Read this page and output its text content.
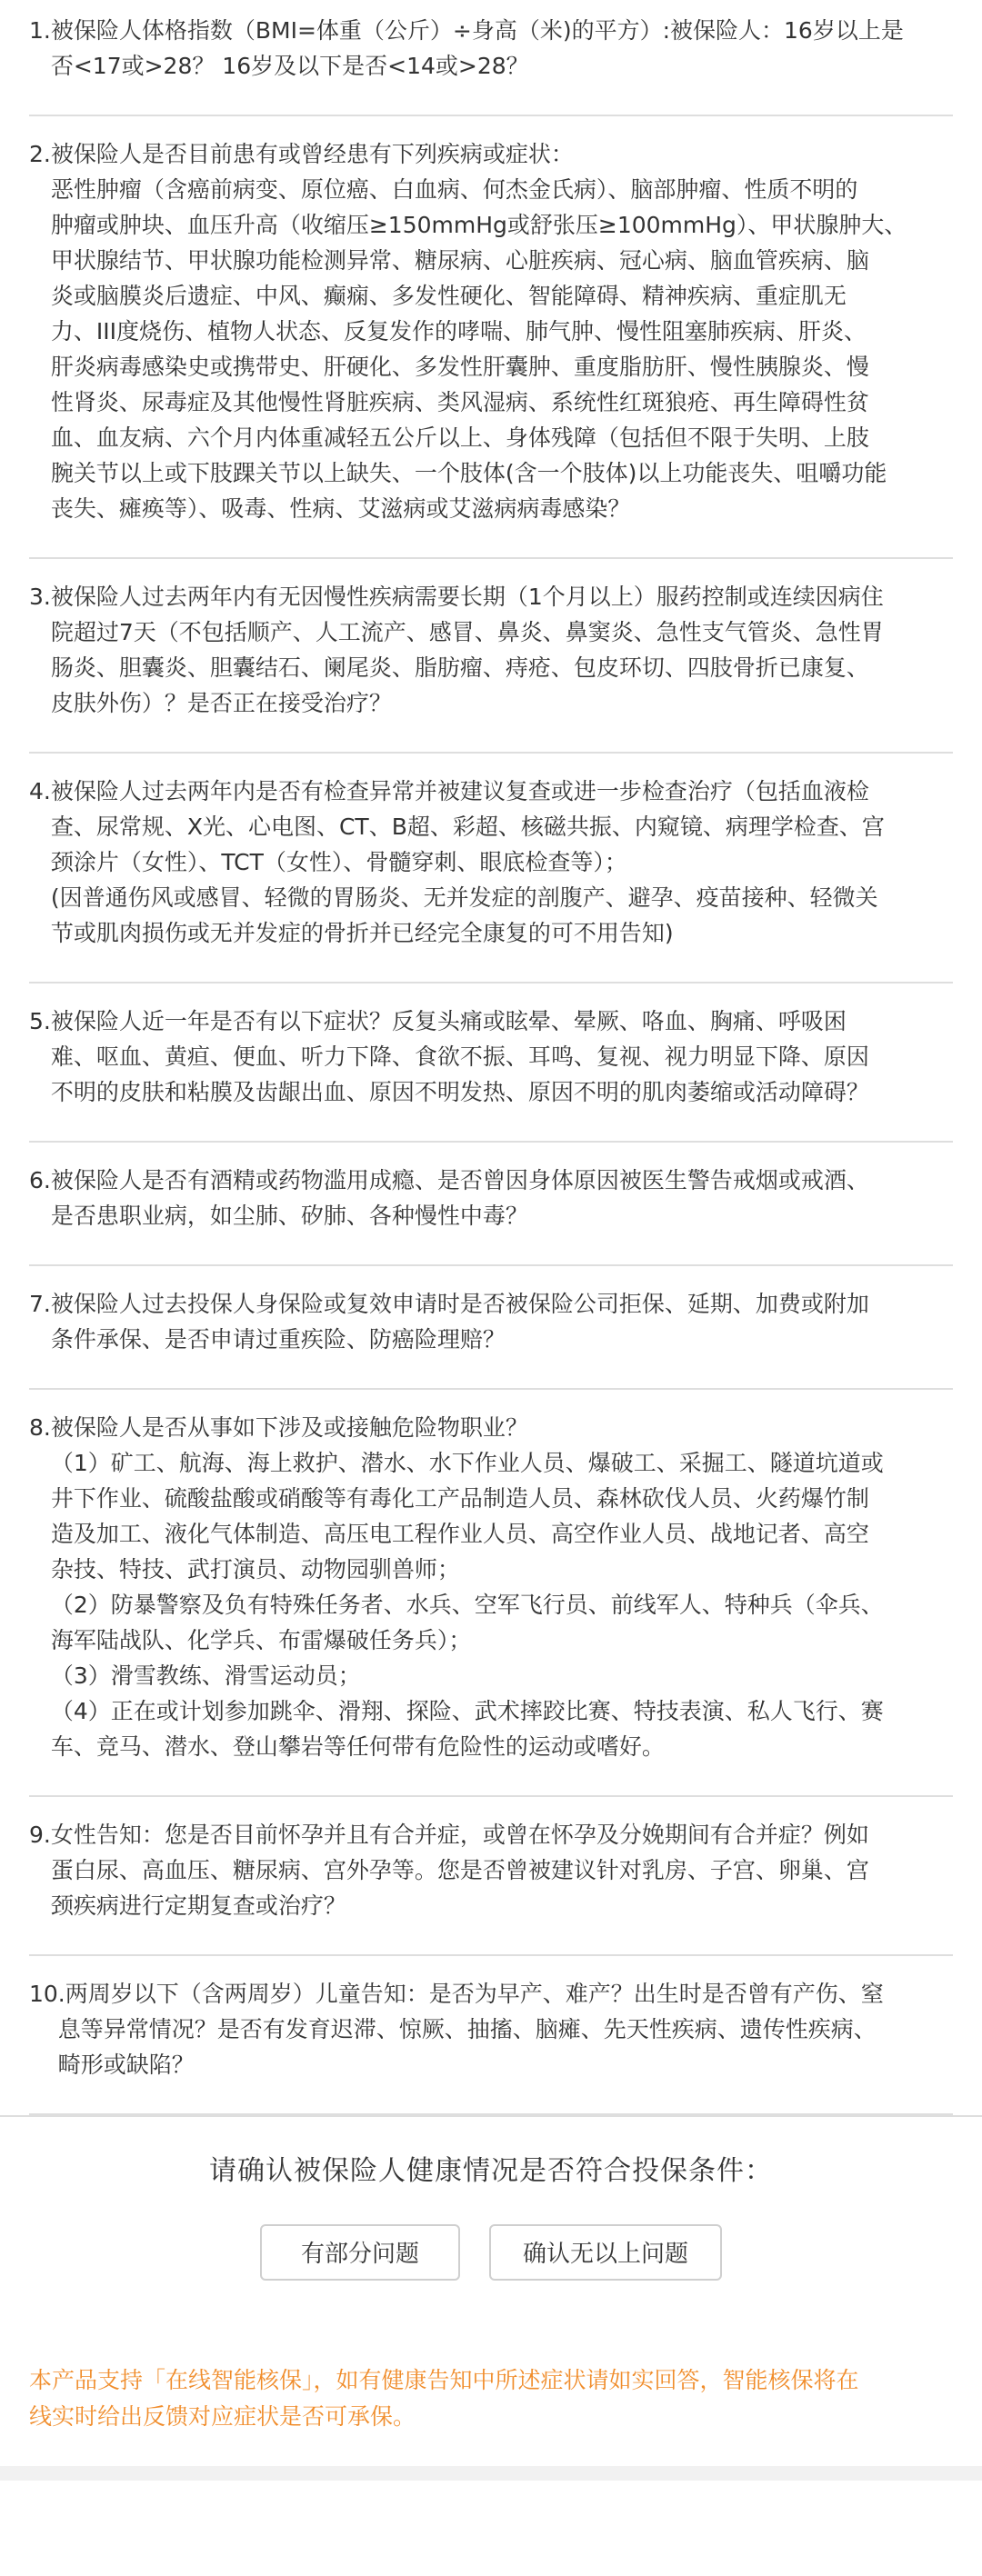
1.被保险人体格指数（BMI=体重（公斤）÷身高（米)的平方）:被保险人：16岁以上是
否<17或>28？ 16岁及以下是否<14或>28？
2.被保险人是否目前患有或曾经患有下列疾病或症状：
恶性肿瘤（含癌前病变、原位癌、白血病、何杰金氏病）、脑部肿瘤、性质不明的
肿瘤或肿块、血压升高（收缩压≥150mmHg或舒张压≥100mmHg）、甲状腺肿大、
甲状腺结节、甲状腺功能检测异常、糖尿病、心脏疾病、冠心病、脑血管疾病、脑
炎或脑膜炎后遗症、中风、癫痫、多发性硬化、智能障碍、精神疾病、重症肌无
力、III度烧伤、植物人状态、反复发作的哮喘、肺气肿、慢性阻塞肺疾病、肝炎、
肝炎病毒感染史或携带史、肝硬化、多发性肝囊肿、重度脂肪肝、慢性胰腺炎、慢
性肾炎、尿毒症及其他慢性肾脏疾病、类风湿病、系统性红斑狼疮、再生障碍性贫
血、血友病、六个月内体重减轻五公斤以上、身体残障（包括但不限于失明、上肢
腕关节以上或下肢踝关节以上缺失、一个肢体(含一个肢体)以上功能丧失、咀嚼功能
丧失、瘫痪等）、吸毒、性病、艾滋病或艾滋病病毒感染？
3.被保险人过去两年内有无因慢性疾病需要长期（1个月以上）服药控制或连续因病住
院超过7天（不包括顺产、人工流产、感冒、鼻炎、鼻窦炎、急性支气管炎、急性胃
肠炎、胆囊炎、胆囊结石、阑尾炎、脂肪瘤、痔疮、包皮环切、四肢骨折已康复、
皮肤外伤）？是否正在接受治疗？
4.被保险人过去两年内是否有检查异常并被建议复查或进一步检查治疗（包括血液检
查、尿常规、X光、心电图、CT、B超、彩超、核磁共振、内窥镜、病理学检查、宫
颈涂片（女性）、TCT（女性）、骨髓穿刺、眼底检查等）；
(因普通伤风或感冒、轻微的胃肠炎、无并发症的剖腹产、避孕、疫苗接种、轻微关
节或肌肉损伤或无并发症的骨折并已经完全康复的可不用告知)
5.被保险人近一年是否有以下症状？反复头痛或眩晕、晕厥、咯血、胸痛、呼吸困
难、呕血、黄疸、便血、听力下降、食欲不振、耳鸣、复视、视力明显下降、原因
不明的皮肤和粘膜及齿龈出血、原因不明发热、原因不明的肌肉萎缩或活动障碍？
6.被保险人是否有酒精或药物滥用成瘾、是否曾因身体原因被医生警告戒烟或戒酒、
是否患职业病，如尘肺、矽肺、各种慢性中毒？
7.被保险人过去投保人身保险或复效申请时是否被保险公司拒保、延期、加费或附加
条件承保、是否申请过重疾险、防癌险理赔？
8.被保险人是否从事如下涉及或接触危险物职业？
（1）矿工、航海、海上救护、潜水、水下作业人员、爆破工、采掘工、隧道坑道或
井下作业、硫酸盐酸或硝酸等有毒化工产品制造人员、森林砍伐人员、火药爆竹制
造及加工、液化气体制造、高压电工程作业人员、高空作业人员、战地记者、高空
杂技、特技、武打演员、动物园驯兽师；
（2）防暴警察及负有特殊任务者、水兵、空军飞行员、前线军人、特种兵（伞兵、
海军陆战队、化学兵、布雷爆破任务兵）；
（3）滑雪教练、滑雪运动员；
（4）正在或计划参加跳伞、滑翔、探险、武术摔跤比赛、特技表演、私人飞行、赛
车、竞马、潜水、登山攀岩等任何带有危险性的运动或嗜好。
9.女性告知：您是否目前怀孕并且有合并症，或曾在怀孕及分娩期间有合并症？例如
蛋白尿、高血压、糖尿病、宫外孕等。您是否曾被建议针对乳房、子宫、卵巢、宫
颈疾病进行定期复查或治疗？
10.两周岁以下（含两周岁）儿童告知：是否为早产、难产？出生时是否曾有产伤、窒
息等异常情况？是否有发育迟滞、惊厥、抽搐、脑瘫、先天性疾病、遗传性疾病、
畸形或缺陷？
请确认被保险人健康情况是否符合投保条件：
有部分问题	确认无以上问题
本产品支持「在线智能核保」，如有健康告知中所述症状请如实回答，智能核保将在
线实时给出反馈对应症状是否可承保。
